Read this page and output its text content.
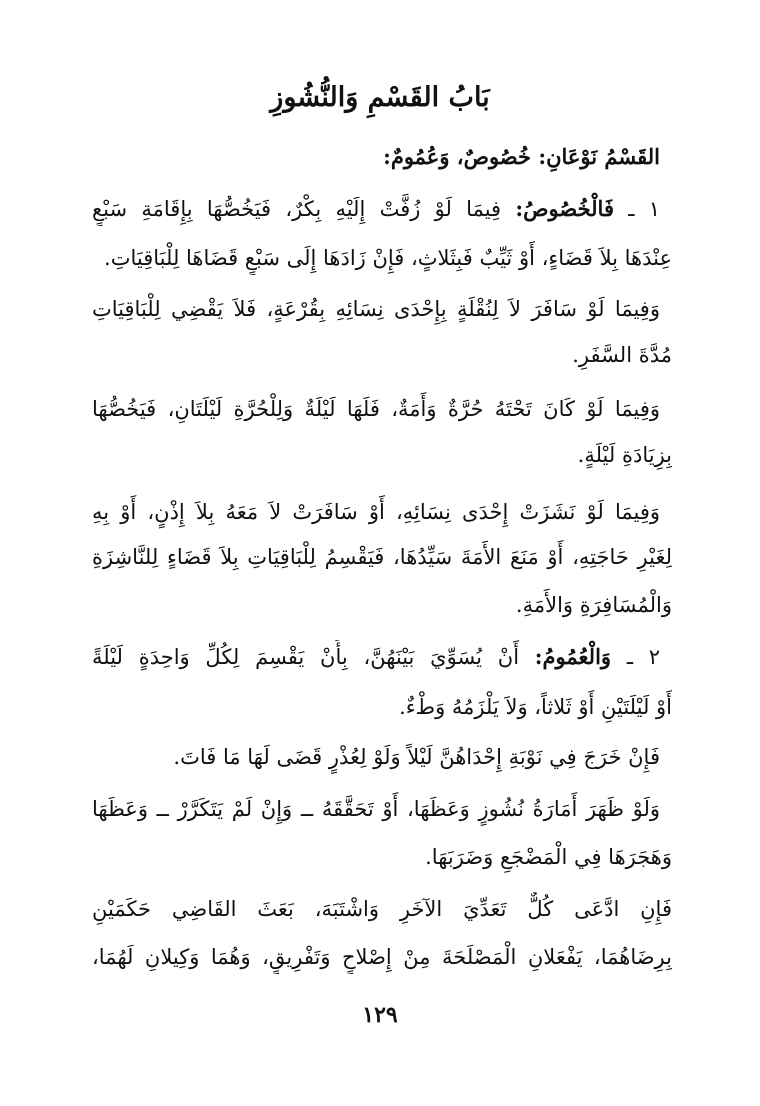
بَابُ القَسْمِ وَالنُّشُوزِ
القَسْمُ نَوْعَانِ: خُصُوصٌ، وَعُمُومٌ:
١ ـ فَالْخُصُوصُ: فِيمَا لَوْ زُفَّتْ إِلَيْهِ بِكْرٌ، فَيَخُصُّهَا بِإِقَامَةِ سَبْعٍ
عِنْدَهَا بِلاَ قَضَاءٍ، أَوْ ثَيِّبٌ فَبِثَلاثٍ، فَإِنْ زَادَهَا إِلَى سَبْعٍ قَضَاهَا لِلْبَاقِيَاتِ.
وَفِيمَا لَوْ سَافَرَ لاَ لِنُقْلَةٍ بِإِحْدَى نِسَائِهِ بِقُرْعَةٍ، فَلاَ يَقْضِي لِلْبَاقِيَاتِ
مُدَّةَ السَّفَرِ.
وَفِيمَا لَوْ كَانَ تَحْتَهُ حُرَّةٌ وَأَمَةٌ، فَلَهَا لَيْلَةٌ وَلِلْحُرَّةِ لَيْلَتَانِ، فَيَخُصُّهَا
بِزِيَادَةِ لَيْلَةٍ.
وَفِيمَا لَوْ نَشَزَتْ إِحْدَى نِسَائِهِ، أَوْ سَافَرَتْ لاَ مَعَهُ بِلاَ إِذْنٍ، أَوْ بِهِ
لِغَيْرِ حَاجَتِهِ، أَوْ مَنَعَ الأَمَةَ سَيِّدُهَا، فَيَقْسِمُ لِلْبَاقِيَاتِ بِلاَ قَضَاءٍ لِلنَّاشِزَةِ
وَالْمُسَافِرَةِ وَالأَمَةِ.
٢ ـ وَالْعُمُومُ: أَنْ يُسَوِّيَ بَيْنَهُنَّ، بِأَنْ يَقْسِمَ لِكُلِّ وَاحِدَةٍ لَيْلَةً
أَوْ لَيْلَتَيْنِ أَوْ ثَلاثاً، وَلاَ يَلْزَمُهُ وَطْءٌ.
فَإِنْ خَرَجَ فِي نَوْبَةِ إِحْدَاهُنَّ لَيْلاً وَلَوْ لِعُذْرٍ قَضَى لَهَا مَا فَاتَ.
وَلَوْ ظَهَرَ أَمَارَةُ نُشُوزٍ وَعَظَهَا، أَوْ تَحَقَّقَهُ ــ وَإِنْ لَمْ يَتَكَرَّرْ ــ وَعَظَهَا
وَهَجَرَهَا فِي الْمَضْجَعِ وَضَرَبَهَا.
فَإِنِ ادَّعَى كُلٌّ تَعَدِّيَ الآخَرِ وَاشْتَبَهَ، بَعَثَ القَاضِي حَكَمَيْنِ
بِرِضَاهُمَا، يَفْعَلانِ الْمَصْلَحَةَ مِنْ إِصْلاحٍ وَتَفْرِيقٍ، وَهُمَا وَكِيلانِ لَهُمَا،
١٢٩
